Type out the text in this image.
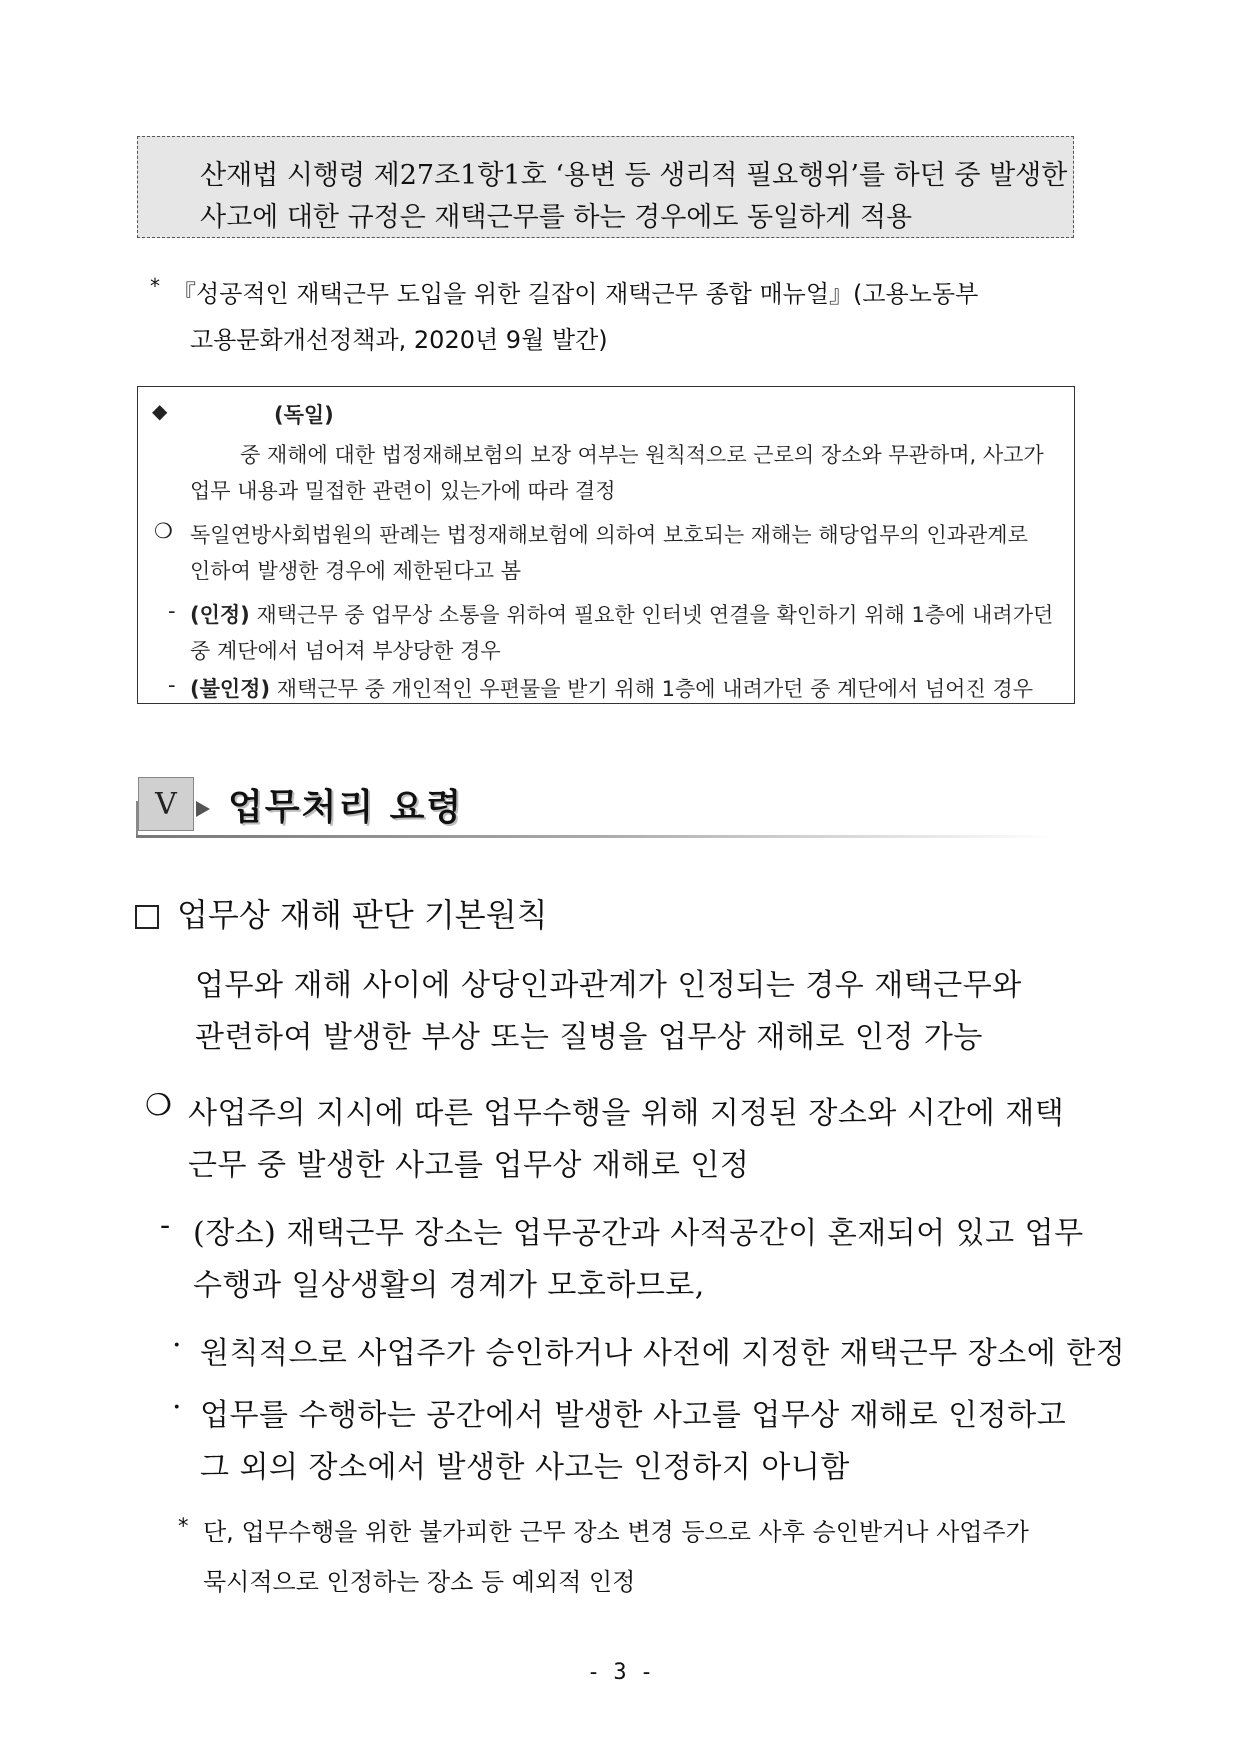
산재법 시행령 제27조1항1호 ‘용변 등 생리적 필요행위’를 하던 중 발생한
사고에 대한 규정은 재택근무를 하는 경우에도 동일하게 적용
* 『성공적인 재택근무 도입을 위한 길잡이 재택근무 종합 매뉴얼』(고용노동부
고용문화개선정책과, 2020년 9월 발간)
◆	(독일)
중 재해에 대한 법정재해보험의 보장 여부는 원칙적으로 근로의 장소와 무관하며, 사고가
업무 내용과 밀접한 관련이 있는가에 따라 결정
❍ 독일연방사회법원의 판례는 법정재해보험에 의하여 보호되는 재해는 해당업무의 인과관계로
인하여 발생한 경우에 제한된다고 봄
- (인정) 재택근무 중 업무상 소통을 위하여 필요한 인터넷 연결을 확인하기 위해 1층에 내려가던
중 계단에서 넘어져 부상당한 경우
- (불인정) 재택근무 중 개인적인 우편물을 받기 위해 1층에 내려가던 중 계단에서 넘어진 경우
V	업무처리 요령
업무상 재해 판단 기본원칙
업무와 재해 사이에 상당인과관계가 인정되는 경우 재택근무와
관련하여 발생한 부상 또는 질병을 업무상 재해로 인정 가능
❍ 사업주의 지시에 따른 업무수행을 위해 지정된 장소와 시간에 재택
근무 중 발생한 사고를 업무상 재해로 인정
- (장소) 재택근무 장소는 업무공간과 사적공간이 혼재되어 있고 업무
수행과 일상생활의 경계가 모호하므로,
· 원칙적으로 사업주가 승인하거나 사전에 지정한 재택근무 장소에 한정
· 업무를 수행하는 공간에서 발생한 사고를 업무상 재해로 인정하고
그 외의 장소에서 발생한 사고는 인정하지 아니함
* 단, 업무수행을 위한 불가피한 근무 장소 변경 등으로 사후 승인받거나 사업주가
묵시적으로 인정하는 장소 등 예외적 인정
- 3 -
